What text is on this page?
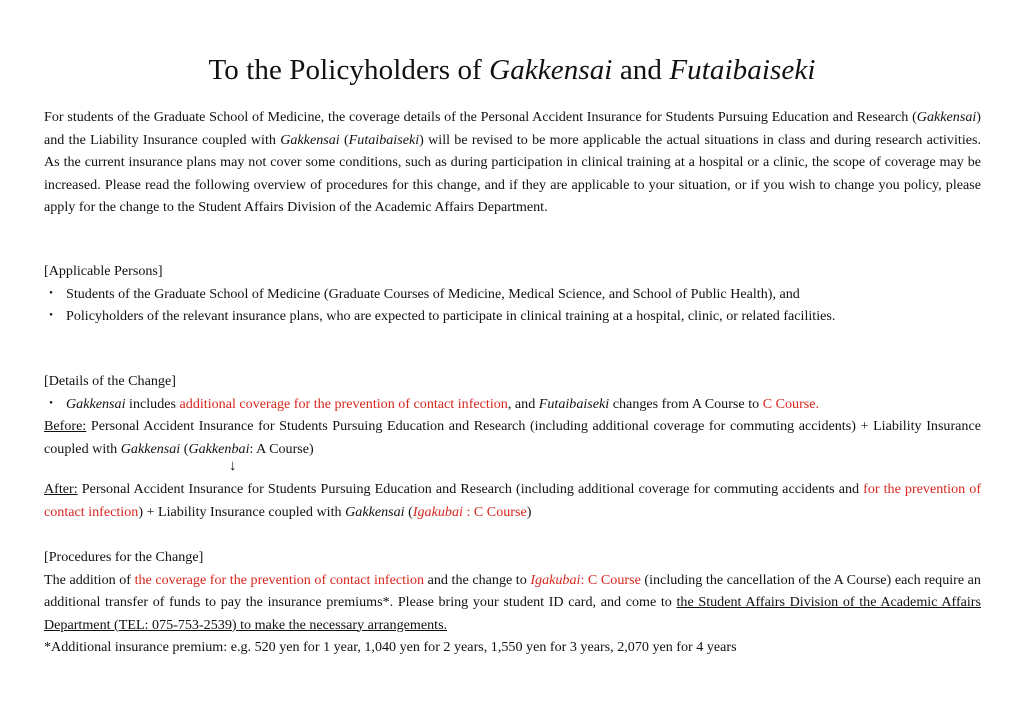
To the Policyholders of Gakkensai and Futaibaiseki
For students of the Graduate School of Medicine, the coverage details of the Personal Accident Insurance for Students Pursuing Education and Research (Gakkensai) and the Liability Insurance coupled with Gakkensai (Futaibaiseki) will be revised to be more applicable the actual situations in class and during research activities. As the current insurance plans may not cover some conditions, such as during participation in clinical training at a hospital or a clinic, the scope of coverage may be increased. Please read the following overview of procedures for this change, and if they are applicable to your situation, or if you wish to change you policy, please apply for the change to the Student Affairs Division of the Academic Affairs Department.
[Applicable Persons]
・ Students of the Graduate School of Medicine (Graduate Courses of Medicine, Medical Science, and School of Public Health), and
・ Policyholders of the relevant insurance plans, who are expected to participate in clinical training at a hospital, clinic, or related facilities.
[Details of the Change]
・ Gakkensai includes additional coverage for the prevention of contact infection, and Futaibaiseki changes from A Course to C Course.
Before: Personal Accident Insurance for Students Pursuing Education and Research (including additional coverage for commuting accidents) + Liability Insurance coupled with Gakkensai (Gakkenbai: A Course)
↓
After: Personal Accident Insurance for Students Pursuing Education and Research (including additional coverage for commuting accidents and for the prevention of contact infection) + Liability Insurance coupled with Gakkensai (Igakubai : C Course)
[Procedures for the Change]
The addition of the coverage for the prevention of contact infection and the change to Igakubai: C Course (including the cancellation of the A Course) each require an additional transfer of funds to pay the insurance premiums*. Please bring your student ID card, and come to the Student Affairs Division of the Academic Affairs Department (TEL: 075-753-2539) to make the necessary arrangements.
*Additional insurance premium: e.g. 520 yen for 1 year, 1,040 yen for 2 years, 1,550 yen for 3 years, 2,070 yen for 4 years
